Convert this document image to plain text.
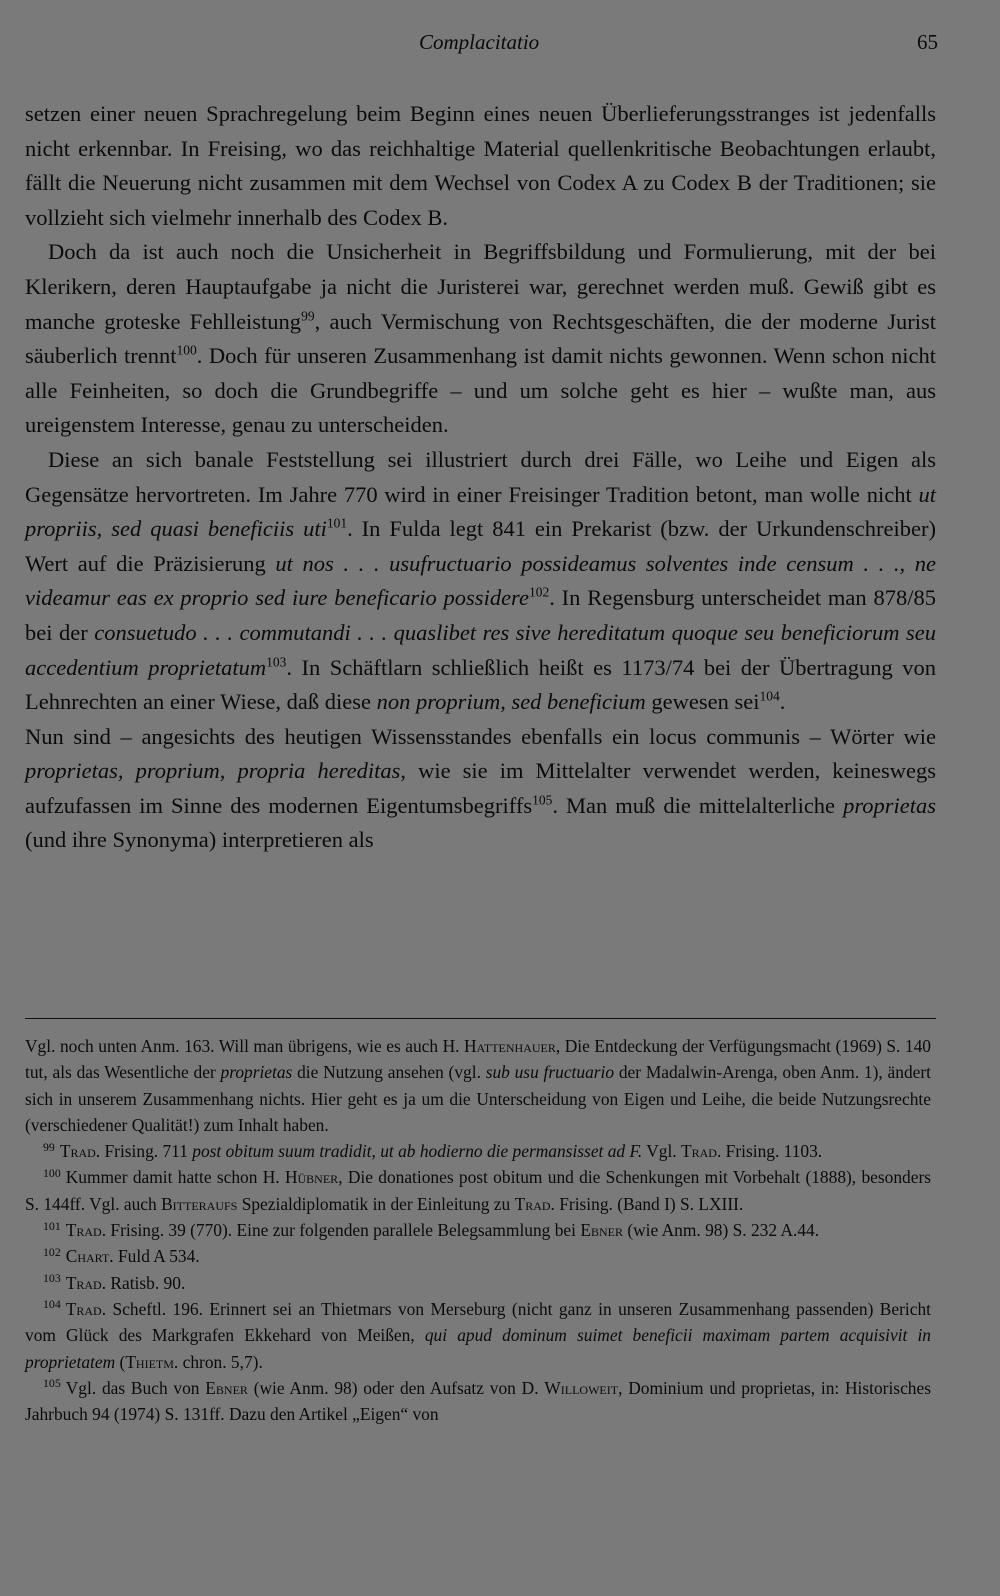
Complacitatio	65

setzen einer neuen Sprachregelung beim Beginn eines neuen Überlieferungsstranges ist jedenfalls nicht erkennbar. In Freising, wo das reichhaltige Material quellenkritische Beobachtungen erlaubt, fällt die Neuerung nicht zusammen mit dem Wechsel von Codex A zu Codex B der Traditionen; sie vollzieht sich vielmehr innerhalb des Codex B.

Doch da ist auch noch die Unsicherheit in Begriffsbildung und Formulierung, mit der bei Klerikern, deren Hauptaufgabe ja nicht die Juristerei war, gerechnet werden muß. Gewiß gibt es manche groteske Fehlleistung$^{99}$, auch Vermischung von Rechtsgeschäften, die der moderne Jurist säuberlich trennt$^{100}$. Doch für unseren Zusammenhang ist damit nichts gewonnen. Wenn schon nicht alle Feinheiten, so doch die Grundbegriffe – und um solche geht es hier – wußte man, aus ureigenstem Interesse, genau zu unterscheiden.

Diese an sich banale Feststellung sei illustriert durch drei Fälle, wo Leihe und Eigen als Gegensätze hervortreten. Im Jahre 770 wird in einer Freisinger Tradition betont, man wolle nicht ut propriis, sed quasi beneficiis uti$^{101}$. In Fulda legt 841 ein Prekarist (bzw. der Urkundenschreiber) Wert auf die Präzisierung ut nos . . . usufructuario possideamus solventes inde censum . . ., ne videamur eas ex proprio sed iure beneficario possidere$^{102}$. In Regensburg unterscheidet man 878/85 bei der consuetudo . . . commutandi . . . quaslibet res sive hereditatum quoque seu beneficiorum seu accedentium proprietatum$^{103}$. In Schäftlarn schließlich heißt es 1173/74 bei der Übertragung von Lehnrechten an einer Wiese, daß diese non proprium, sed beneficium gewesen sei$^{104}$.
Nun sind – angesichts des heutigen Wissensstandes ebenfalls ein locus communis – Wörter wie proprietas, proprium, propria hereditas, wie sie im Mittelalter verwendet werden, keineswegs aufzufassen im Sinne des modernen Eigentumsbegriffs$^{105}$. Man muß die mittelalterliche proprietas (und ihre Synonyma) interpretieren als

Vgl. noch unten Anm. 163. Will man übrigens, wie es auch H. Hattenhauer, Die Entdeckung der Verfügungsmacht (1969) S. 140 tut, als das Wesentliche der proprietas die Nutzung ansehen (vgl. sub usu fructuario der Madalwin-Arenga, oben Anm. 1), ändert sich in unserem Zusammenhang nichts. Hier geht es ja um die Unterscheidung von Eigen und Leihe, die beide Nutzungsrechte (verschiedener Qualität!) zum Inhalt haben.

$^{99}$ Trad. Frising. 711 post obitum suum tradidit, ut ab hodierno die permansisset ad F. Vgl. Trad. Frising. 1103.

$^{100}$ Kummer damit hatte schon H. Hübner, Die donationes post obitum und die Schenkungen mit Vorbehalt (1888), besonders S. 144ff. Vgl. auch Bitteraufs Spezialdiplomatik in der Einleitung zu Trad. Frising. (Band I) S. LXIII.

$^{101}$ Trad. Frising. 39 (770). Eine zur folgenden parallele Belegsammlung bei Ebner (wie Anm. 98) S. 232 A.44.

$^{102}$ Chart. Fuld A 534.

$^{103}$ Trad. Ratisb. 90.

$^{104}$ Trad. Scheftl. 196. Erinnert sei an Thietmars von Merseburg (nicht ganz in unseren Zusammenhang passenden) Bericht vom Glück des Markgrafen Ekkehard von Meißen, qui apud dominum suimet beneficii maximam partem acquisivit in proprietatem (Thietm. chron. 5,7).

$^{105}$ Vgl. das Buch von Ebner (wie Anm. 98) oder den Aufsatz von D. Willoweit, Dominium und proprietas, in: Historisches Jahrbuch 94 (1974) S. 131ff. Dazu den Artikel „Eigen“ von
